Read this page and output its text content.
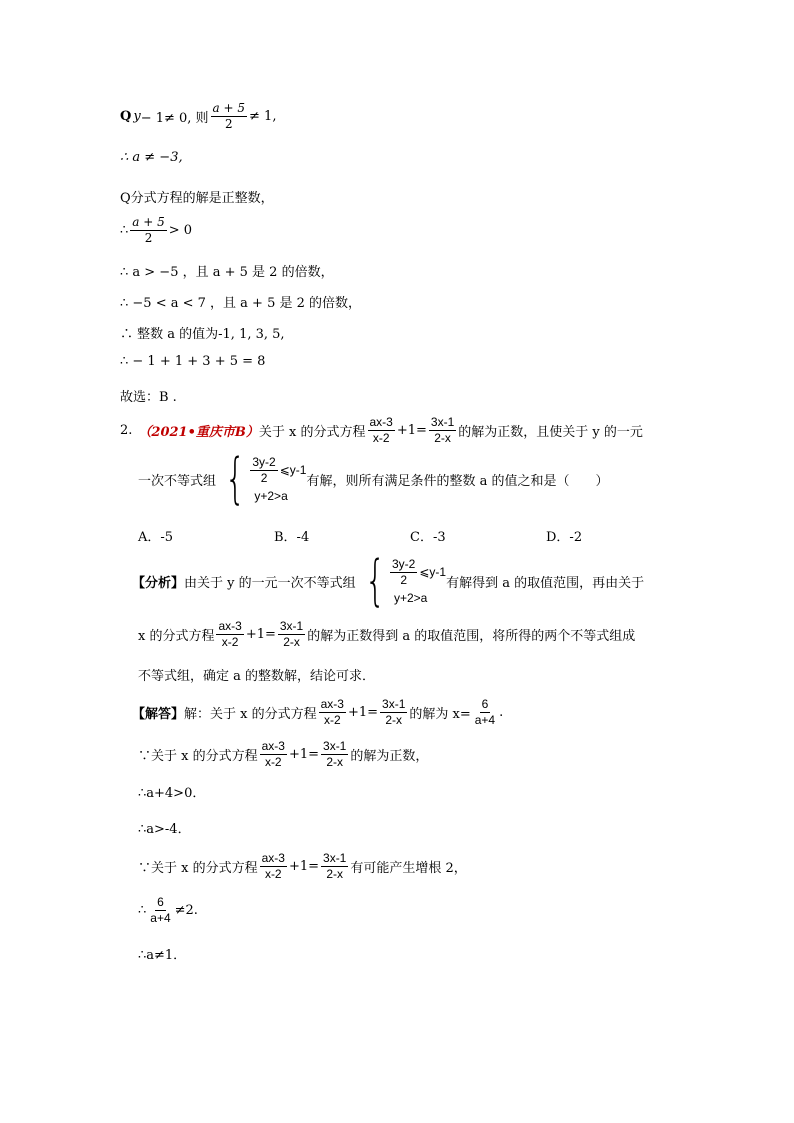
Q y − 1≠ 0, 则 $\frac{a + 5}{2} \ne 1$,
∴ a ≠ −3,
Q分式方程的解是正整数，
∴ $\frac{a + 5}{2} > 0$
∴ a > −5 ，且 a + 5 是 2 的倍数，
∴ −5 < a < 7 ，且 a + 5 是 2 的倍数，
∴ 整数 a 的值为-1, 1, 3, 5,
∴ − 1 + 1 + 3 + 5 = 8
故选：B .
2. （2021•重庆市B） 关于 x 的分式方程 $\frac{ax-3}{x-2} +1= \frac{3x-1}{2-x}$ 的解为正数，且使关于 y 的一元
一次不等式组 { $\frac{3y-2}{2}$ ⩽y-1
y+2>a
有解，则所有满足条件的整数 a 的值之和是（　　）
A．-5	B．-4	C．-3	D．-2
【分析】 由关于 y 的一元一次不等式组 { $\frac{3y-2}{2}$ ⩽y-1
y+2>a
有解得到 a 的取值范围，再由关于
x 的分式方程 $\frac{ax-3}{x-2} +1= \frac{3x-1}{2-x}$ 的解为正数得到 a 的取值范围，将所得的两个不等式组成
不等式组，确定 a 的整数解，结论可求．
【解答】 解：关于 x 的分式方程 $\frac{ax-3}{x-2} +1= \frac{3x-1}{2-x}$ 的解为 $x= \frac{6}{a+4}$ .
∵关于 x 的分式方程 $\frac{ax-3}{x-2} +1= \frac{3x-1}{2-x}$ 的解为正数，
∴a+4>0．
∴a>-4．
∵关于 x 的分式方程 $\frac{ax-3}{x-2} +1= \frac{3x-1}{2-x}$ 有可能产生增根 2，
∴ $\frac{6}{a+4} \ne 2$.
∴a≠1．
